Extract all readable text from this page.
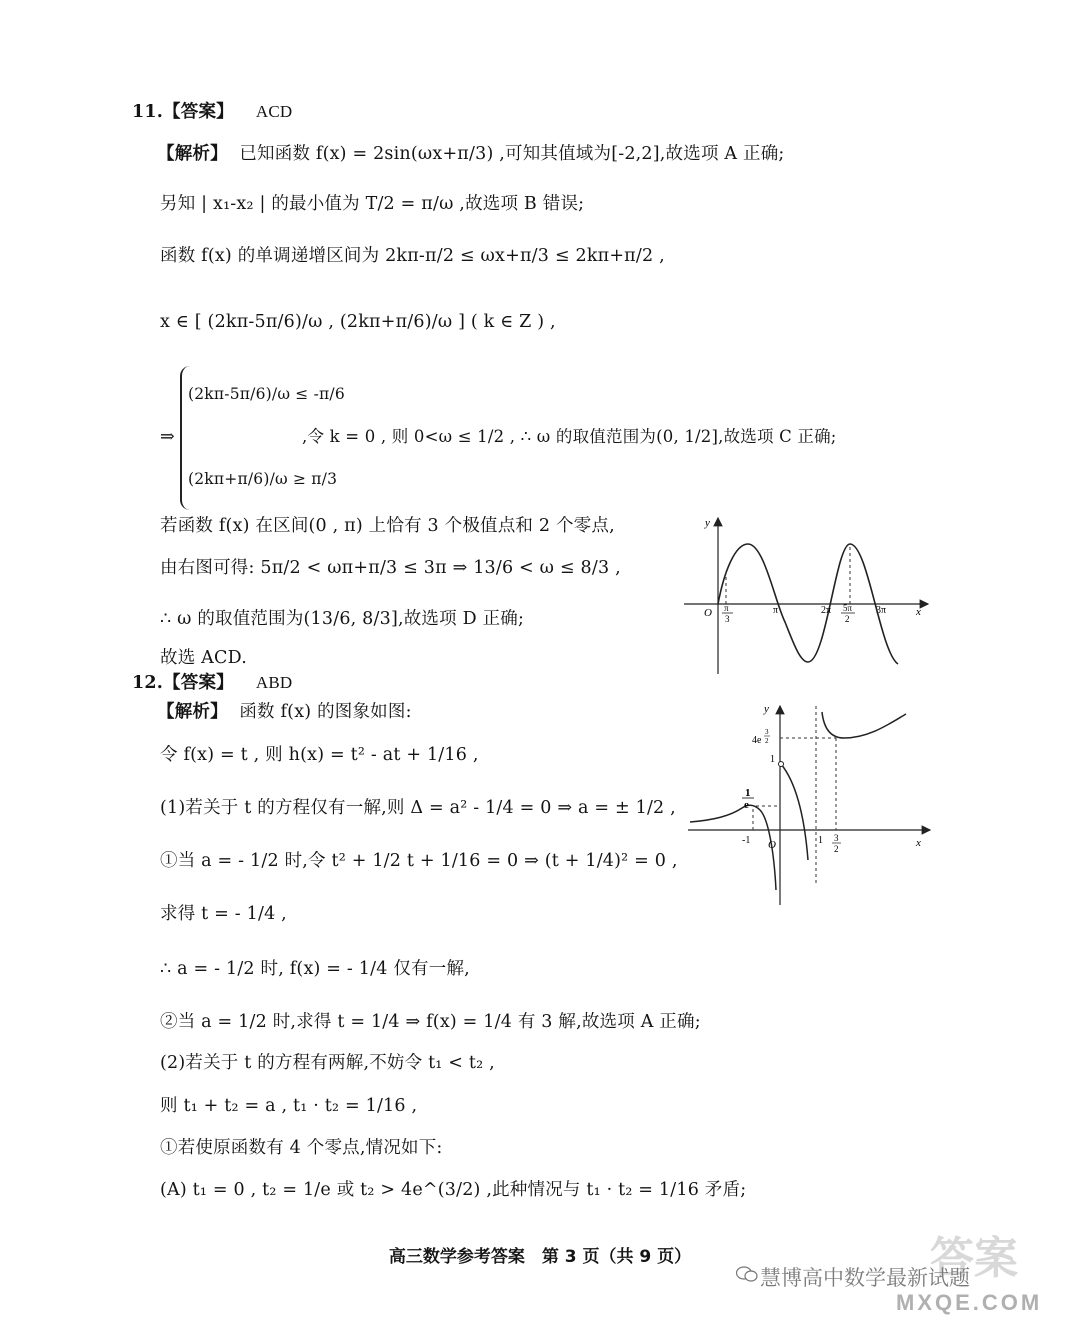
11.【答案】 ACD
【解析】 已知函数 f(x) = 2sin(ωx+π/3) ,可知其值域为[-2,2],故选项 A 正确;
另知 | x₁-x₂ | 的最小值为 T/2 = π/ω ,故选项 B 错误;
函数 f(x) 的单调递增区间为 2kπ-π/2 ≤ ωx+π/3 ≤ 2kπ+π/2 ,
x ∈ [ (2kπ-5π/6)/ω , (2kπ+π/6)/ω ] ( k ∈ Z ) ,
⇒
(2kπ-5π/6)/ω ≤ -π/6
(2kπ+π/6)/ω ≥ π/3
,令 k = 0 , 则 0<ω ≤ 1/2 , ∴ ω 的取值范围为(0, 1/2],故选项 C 正确;
若函数 f(x) 在区间(0 , π) 上恰有 3 个极值点和 2 个零点,
由右图可得: 5π/2 < ωπ+π/3 ≤ 3π ⇒ 13/6 < ω ≤ 8/3 ,
∴ ω 的取值范围为(13/6, 8/3],故选项 D 正确;
故选 ACD.
y
x
O π
3
π	2π 5π
2
3π
12.【答案】 ABD
【解析】 函数 f(x) 的图象如图:
令 f(x) = t , 则 h(x) = t² - at + 1/16 ,
(1)若关于 t 的方程仅有一解,则 Δ = a² - 1/4 = 0 ⇒ a = ± 1/2 ,
①当 a = - 1/2 时,令 t² + 1/2 t + 1/16 = 0 ⇒ (t + 1/4)² = 0 ,
求得 t = - 1/4 ,
∴ a = - 1/2 时, f(x) = - 1/4 仅有一解,
②当 a = 1/2 时,求得 t = 1/4 ⇒ f(x) = 1/4 有 3 解,故选项 A 正确;
(2)若关于 t 的方程有两解,不妨令 t₁ < t₂ ,
则 t₁ + t₂ = a , t₁ · t₂ = 1/16 ,
①若使原函数有 4 个零点,情况如下:
(A) t₁ = 0 , t₂ = 1/e 或 t₂ > 4e^(3/2) ,此种情况与 t₁ · t₂ = 1/16 矛盾;
y
x
O
4e
3
2
1
1
e
-1	1 3
2
高三数学参考答案　第 3 页（共 9 页）	答案
慧博高中数学最新试题
MXQE.COM
